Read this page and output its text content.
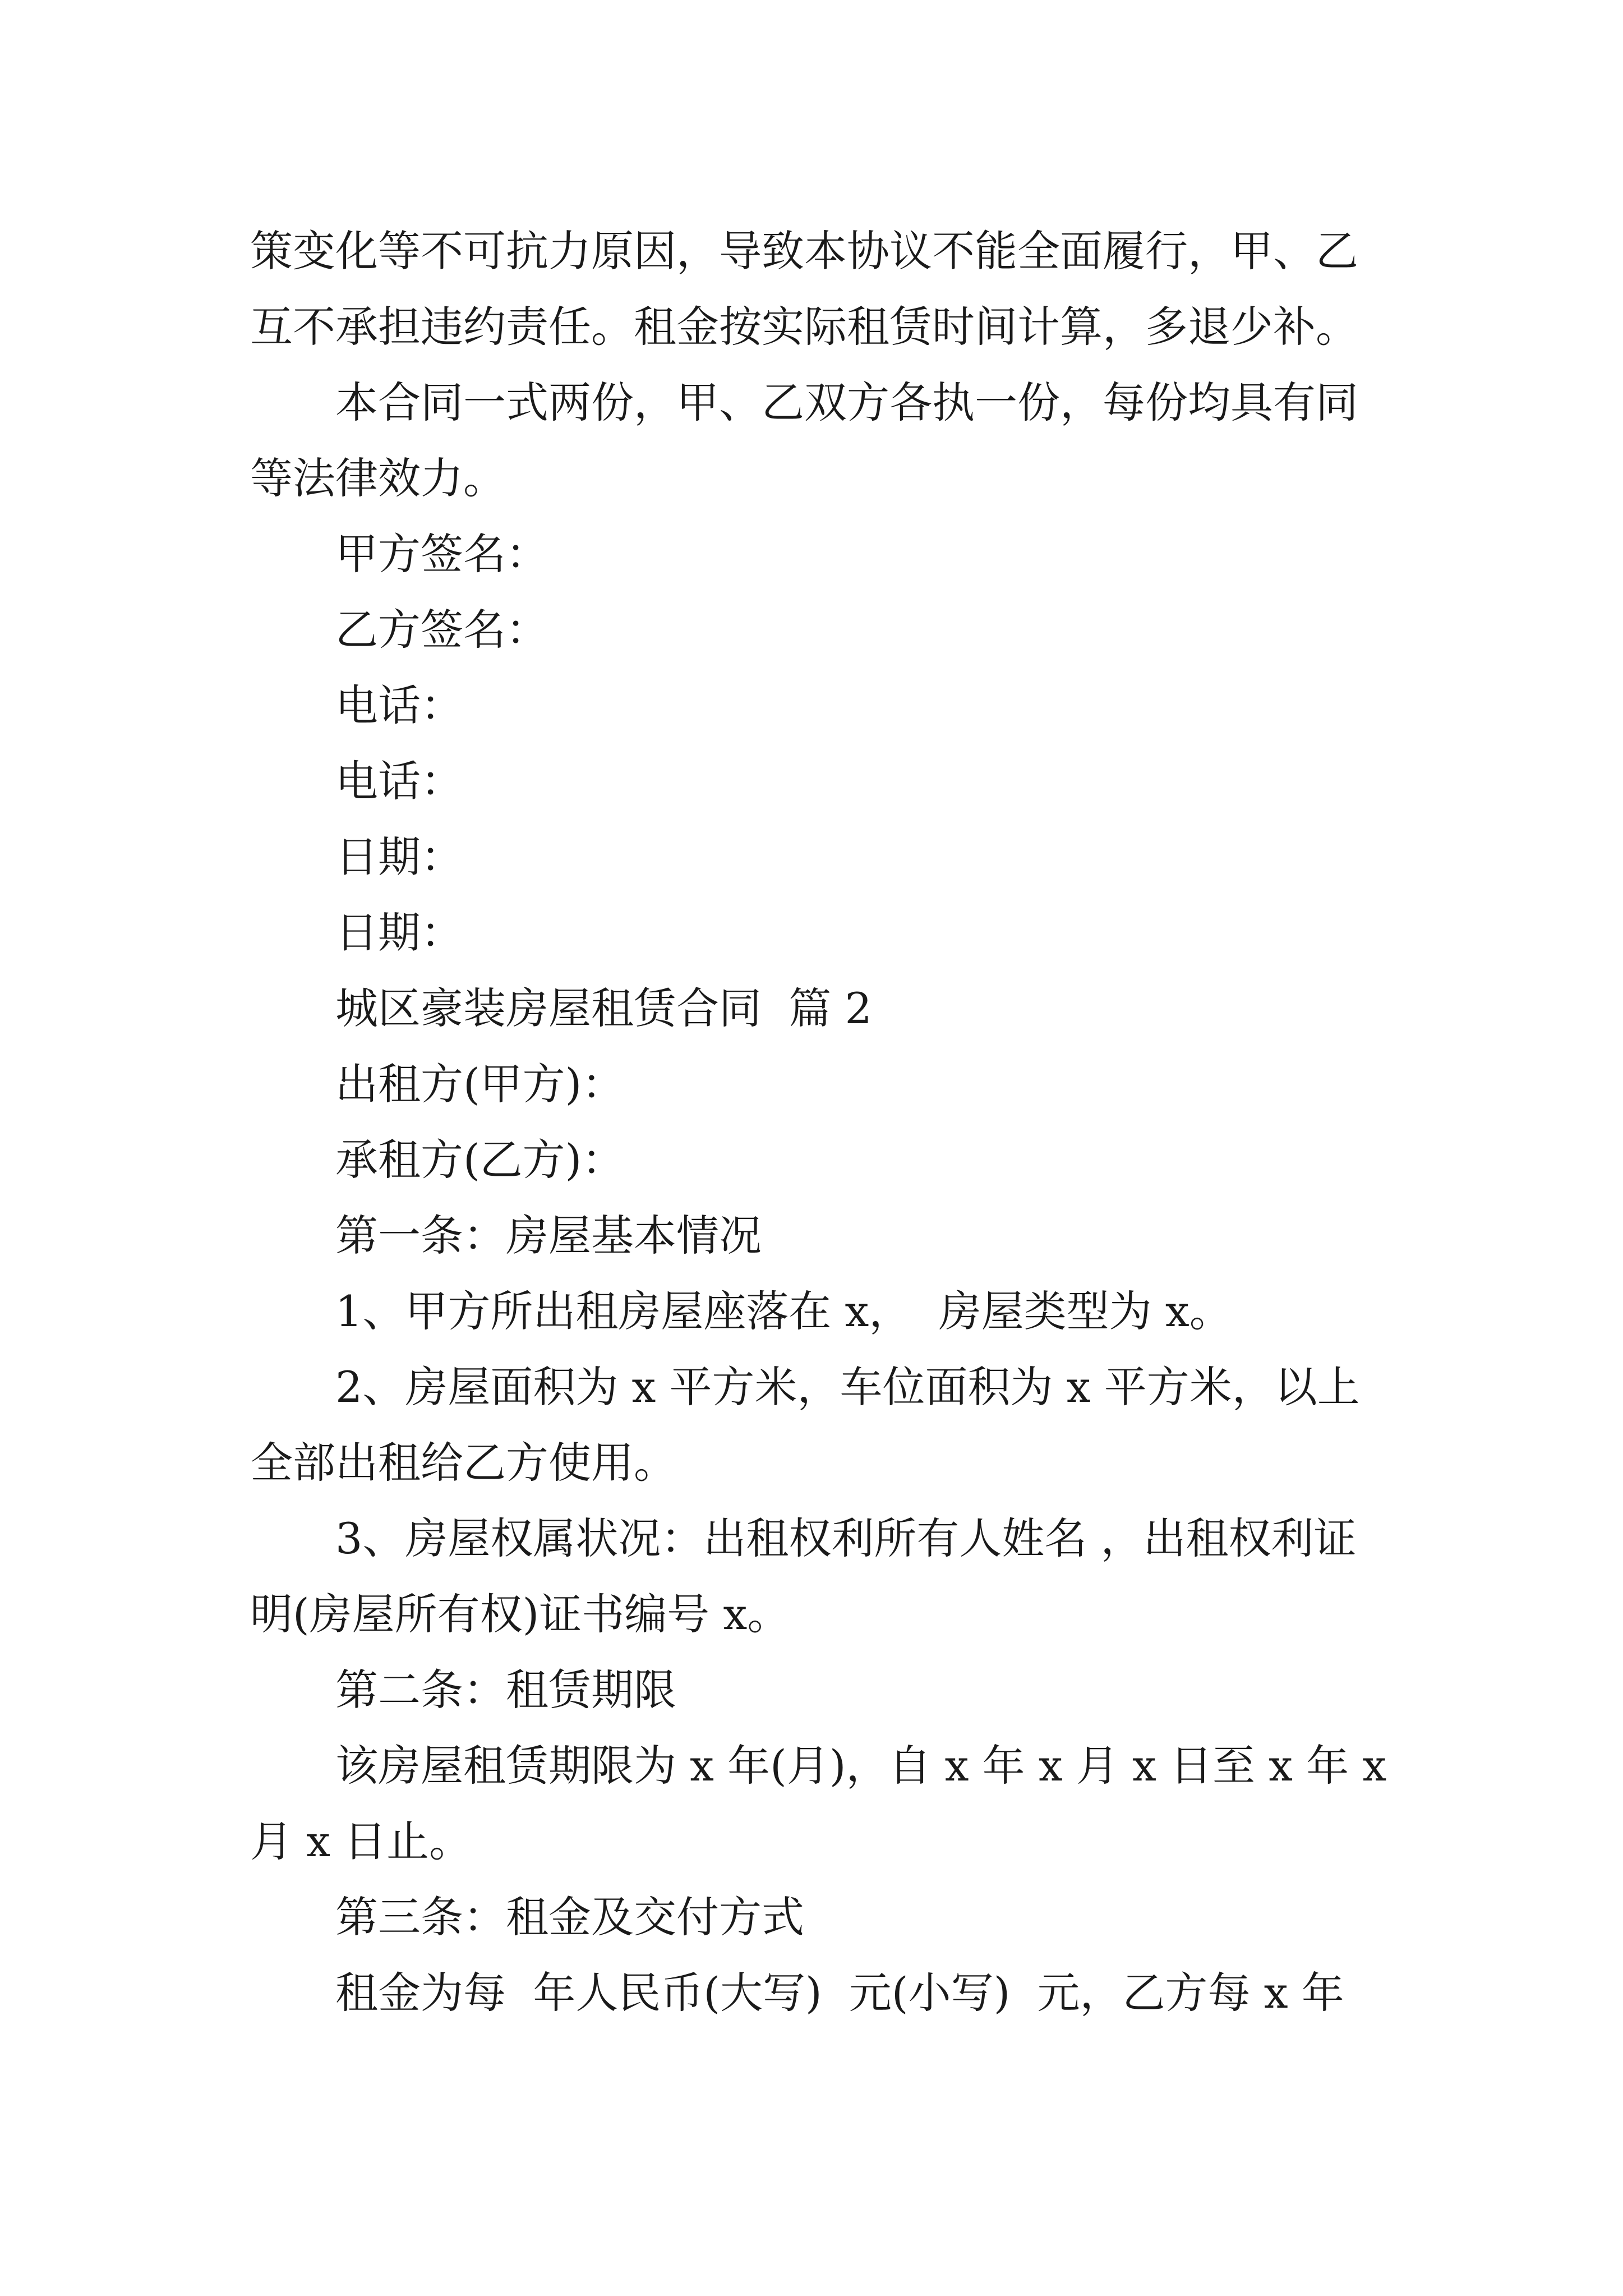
策变化等不可抗力原因，导致本协议不能全面履行，甲、乙

互不承担违约责任。租金按实际租赁时间计算，多退少补。

本合同一式两份，甲、乙双方各执一份，每份均具有同

等法律效力。

甲方签名：

乙方签名：

电话：

电话：

日期：

日期：

城区豪装房屋租赁合同  篇 2

出租方(甲方)：

承租方(乙方)：

第一条：房屋基本情况

1、甲方所出租房屋座落在 x，  房屋类型为 x。

2、房屋面积为 x 平方米，车位面积为 x 平方米，以上

全部出租给乙方使用。

3、房屋权属状况：出租权利所有人姓名 ，出租权利证

明(房屋所有权)证书编号 x。

第二条：租赁期限

该房屋租赁期限为 x 年(月)，自 x 年 x 月 x 日至 x 年 x

月 x 日止。

第三条：租金及交付方式

租金为每  年人民币(大写)  元(小写)  元，乙方每 x 年
